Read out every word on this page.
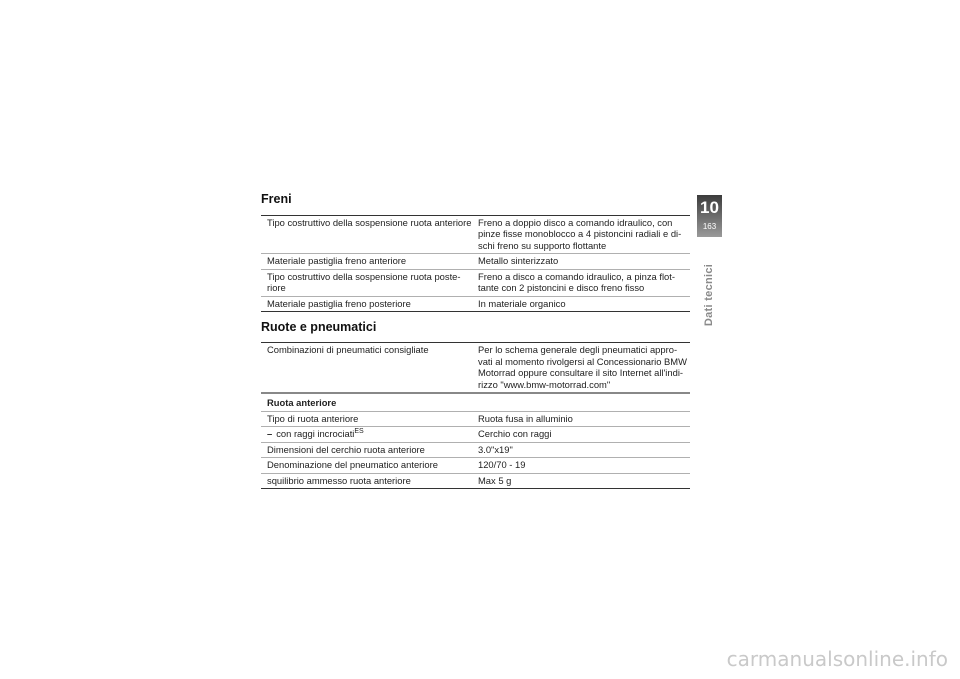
Freni
Tipo costruttivo della sospensione ruota anteriore	Freno a doppio disco a comando idraulico, con pinze fisse monoblocco a 4 pistoncini radiali e di-schi freno su supporto flottante
Materiale pastiglia freno anteriore	Metallo sinterizzato
Tipo costruttivo della sospensione ruota poste-riore	Freno a disco a comando idraulico, a pinza flot-tante con 2 pistoncini e disco freno fisso
Materiale pastiglia freno posteriore	In materiale organico
Ruote e pneumatici
Combinazioni di pneumatici consigliate	Per lo schema generale degli pneumatici appro-vati al momento rivolgersi al Concessionario BMW Motorrad oppure consultare il sito Internet all'indi-rizzo "www.bmw-motorrad.com"
Ruota anteriore	
Tipo di ruota anteriore	Ruota fusa in alluminio
– con raggi incrociati$^{ES}$	Cerchio con raggi
Dimensioni del cerchio ruota anteriore	3.0"x19"
Denominazione del pneumatico anteriore	120/70 - 19
squilibrio ammesso ruota anteriore	Max 5 g
10
163
Dati tecnici
carmanualsonline.info
